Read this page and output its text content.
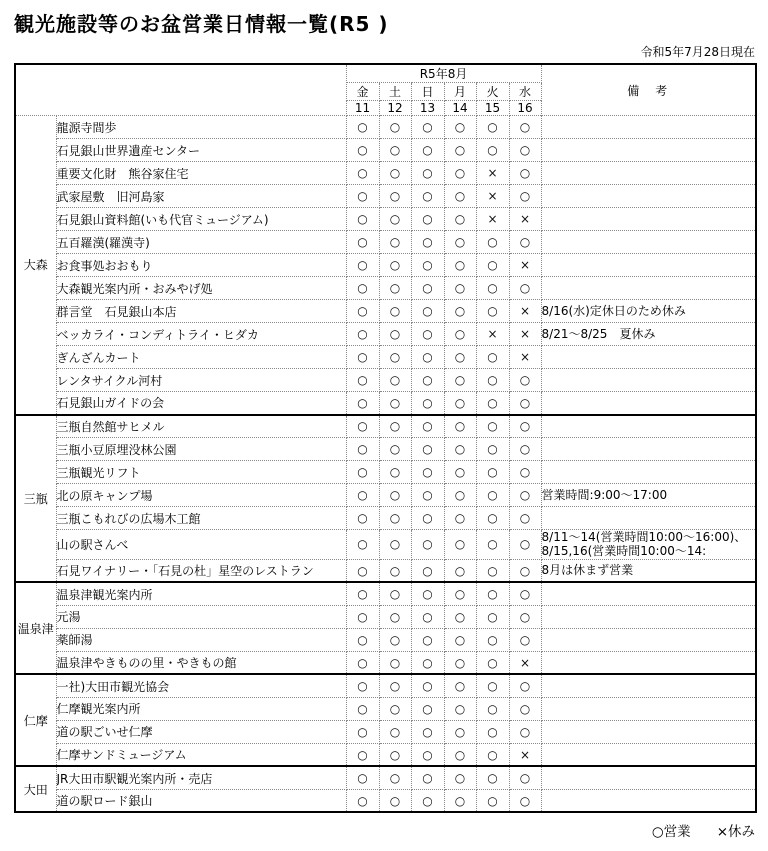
観光施設等のお盆営業日情報一覧(R5 )
令和5年7月28日現在
		R5年8月						備　考
		金	土	日	月	火	水	
		11	12	13	14	15	16	
大森	龍源寺間歩	○	○	○	○	○	○	
	石見銀山世界遺産センター	○	○	○	○	○	○	
	重要文化財　熊谷家住宅	○	○	○	○	×	○	
	武家屋敷　旧河島家	○	○	○	○	×	○	
	石見銀山資料館(いも代官ミュージアム)	○	○	○	○	×	×	
	五百羅漢(羅漢寺)	○	○	○	○	○	○	
	お食事処おおもり	○	○	○	○	○	×	
	大森観光案内所・おみやげ処	○	○	○	○	○	○	
	群言堂　石見銀山本店	○	○	○	○	○	×	8/16(水)定休日のため休み
	ベッカライ・コンディトライ・ヒダカ	○	○	○	○	×	×	8/21～8/25　夏休み
	ぎんざんカート	○	○	○	○	○	×	
	レンタサイクル河村	○	○	○	○	○	○	
	石見銀山ガイドの会	○	○	○	○	○	○	
三瓶	三瓶自然館サヒメル	○	○	○	○	○	○	
	三瓶小豆原埋没林公園	○	○	○	○	○	○	
	三瓶観光リフト	○	○	○	○	○	○	
	北の原キャンプ場	○	○	○	○	○	○	営業時間:9:00～17:00
	三瓶こもれびの広場木工館	○	○	○	○	○	○	
	山の駅さんべ	○	○	○	○	○	○	8/11～14(営業時間10:00～16:00)、8/15,16(営業時間10:00～14:
	石見ワイナリー・「石見の杜」星空のレストラン	○	○	○	○	○	○	8月は休まず営業
温泉津	温泉津観光案内所	○	○	○	○	○	○	
	元湯	○	○	○	○	○	○	
	薬師湯	○	○	○	○	○	○	
	温泉津やきものの里・やきもの館	○	○	○	○	○	×	
仁摩	一社)大田市観光協会	○	○	○	○	○	○	
	仁摩観光案内所	○	○	○	○	○	○	
	道の駅ごいせ仁摩	○	○	○	○	○	○	
	仁摩サンドミュージアム	○	○	○	○	○	×	
大田	JR大田市駅観光案内所・売店	○	○	○	○	○	○	
	道の駅ロード銀山	○	○	○	○	○	○	
○営業 ×休み
